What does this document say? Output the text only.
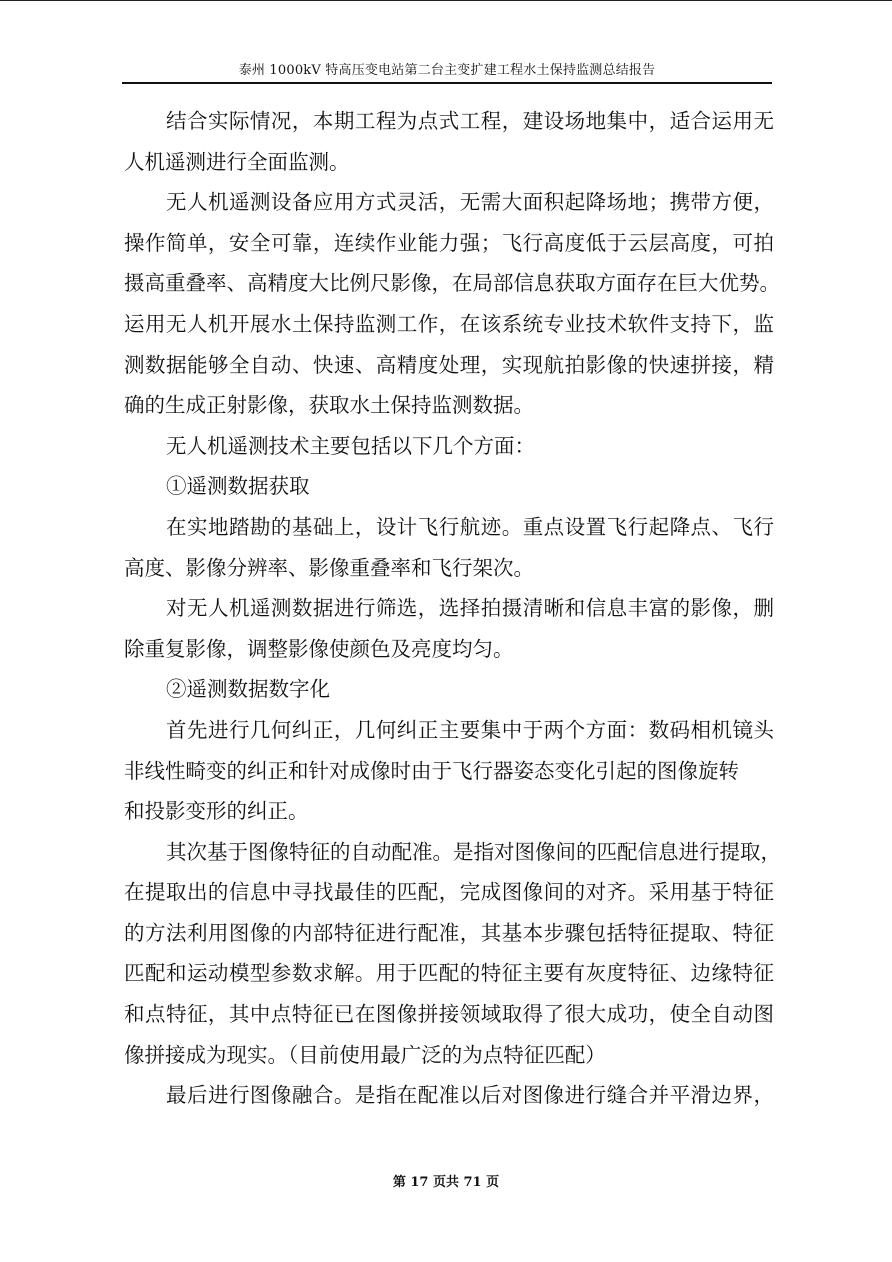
泰州 1000kV 特高压变电站第二台主变扩建工程水土保持监测总结报告
结合实际情况，本期工程为点式工程，建设场地集中，适合运用无
人机遥测进行全面监测。
无人机遥测设备应用方式灵活，无需大面积起降场地；携带方便，
操作简单，安全可靠，连续作业能力强；飞行高度低于云层高度，可拍
摄高重叠率、高精度大比例尺影像，在局部信息获取方面存在巨大优势。
运用无人机开展水土保持监测工作，在该系统专业技术软件支持下，监
测数据能够全自动、快速、高精度处理，实现航拍影像的快速拼接，精
确的生成正射影像，获取水土保持监测数据。
无人机遥测技术主要包括以下几个方面：
①遥测数据获取
在实地踏勘的基础上，设计飞行航迹。重点设置飞行起降点、飞行
高度、影像分辨率、影像重叠率和飞行架次。
对无人机遥测数据进行筛选，选择拍摄清晰和信息丰富的影像，删
除重复影像，调整影像使颜色及亮度均匀。
②遥测数据数字化
首先进行几何纠正，几何纠正主要集中于两个方面：数码相机镜头
非线性畸变的纠正和针对成像时由于飞行器姿态变化引起的图像旋转
和投影变形的纠正。
其次基于图像特征的自动配准。是指对图像间的匹配信息进行提取，
在提取出的信息中寻找最佳的匹配，完成图像间的对齐。采用基于特征
的方法利用图像的内部特征进行配准，其基本步骤包括特征提取、特征
匹配和运动模型参数求解。用于匹配的特征主要有灰度特征、边缘特征
和点特征，其中点特征已在图像拼接领域取得了很大成功，使全自动图
像拼接成为现实。（目前使用最广泛的为点特征匹配）
最后进行图像融合。是指在配准以后对图像进行缝合并平滑边界，
第 17 页共 71 页
